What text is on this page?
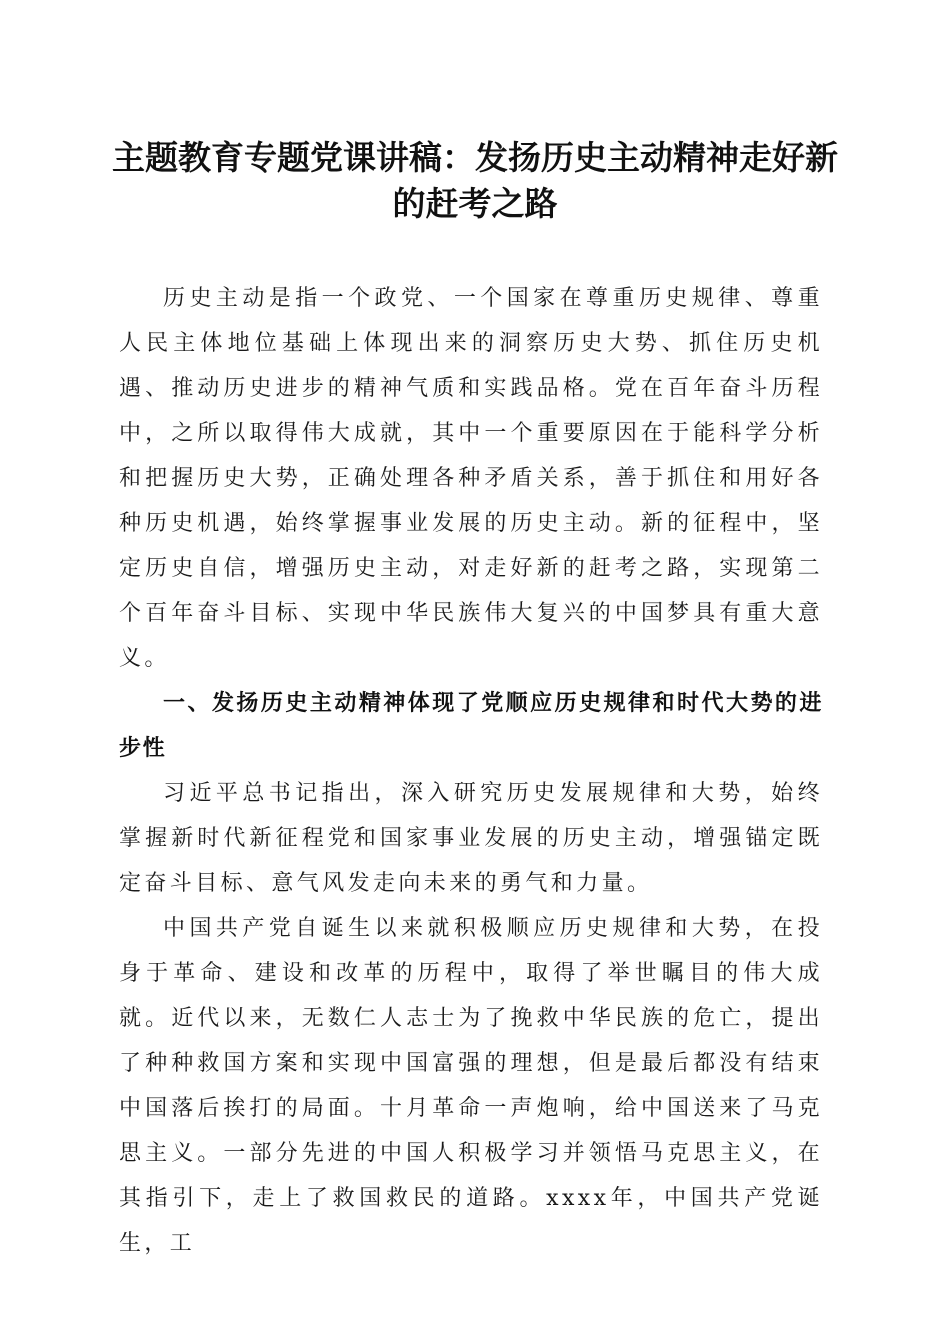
主题教育专题党课讲稿：发扬历史主动精神走好新的赶考之路

历史主动是指一个政党、一个国家在尊重历史规律、尊重人民主体地位基础上体现出来的洞察历史大势、抓住历史机遇、推动历史进步的精神气质和实践品格。党在百年奋斗历程中，之所以取得伟大成就，其中一个重要原因在于能科学分析和把握历史大势，正确处理各种矛盾关系，善于抓住和用好各种历史机遇，始终掌握事业发展的历史主动。新的征程中，坚定历史自信，增强历史主动，对走好新的赶考之路，实现第二个百年奋斗目标、实现中华民族伟大复兴的中国梦具有重大意义。

一、发扬历史主动精神体现了党顺应历史规律和时代大势的进步性

习近平总书记指出，深入研究历史发展规律和大势，始终掌握新时代新征程党和国家事业发展的历史主动，增强锚定既定奋斗目标、意气风发走向未来的勇气和力量。

中国共产党自诞生以来就积极顺应历史规律和大势，在投身于革命、建设和改革的历程中，取得了举世瞩目的伟大成就。近代以来，无数仁人志士为了挽救中华民族的危亡，提出了种种救国方案和实现中国富强的理想，但是最后都没有结束中国落后挨打的局面。十月革命一声炮响，给中国送来了马克思主义。一部分先进的中国人积极学习并领悟马克思主义，在其指引下，走上了救国救民的道路。xxxx年，中国共产党诞生，工
